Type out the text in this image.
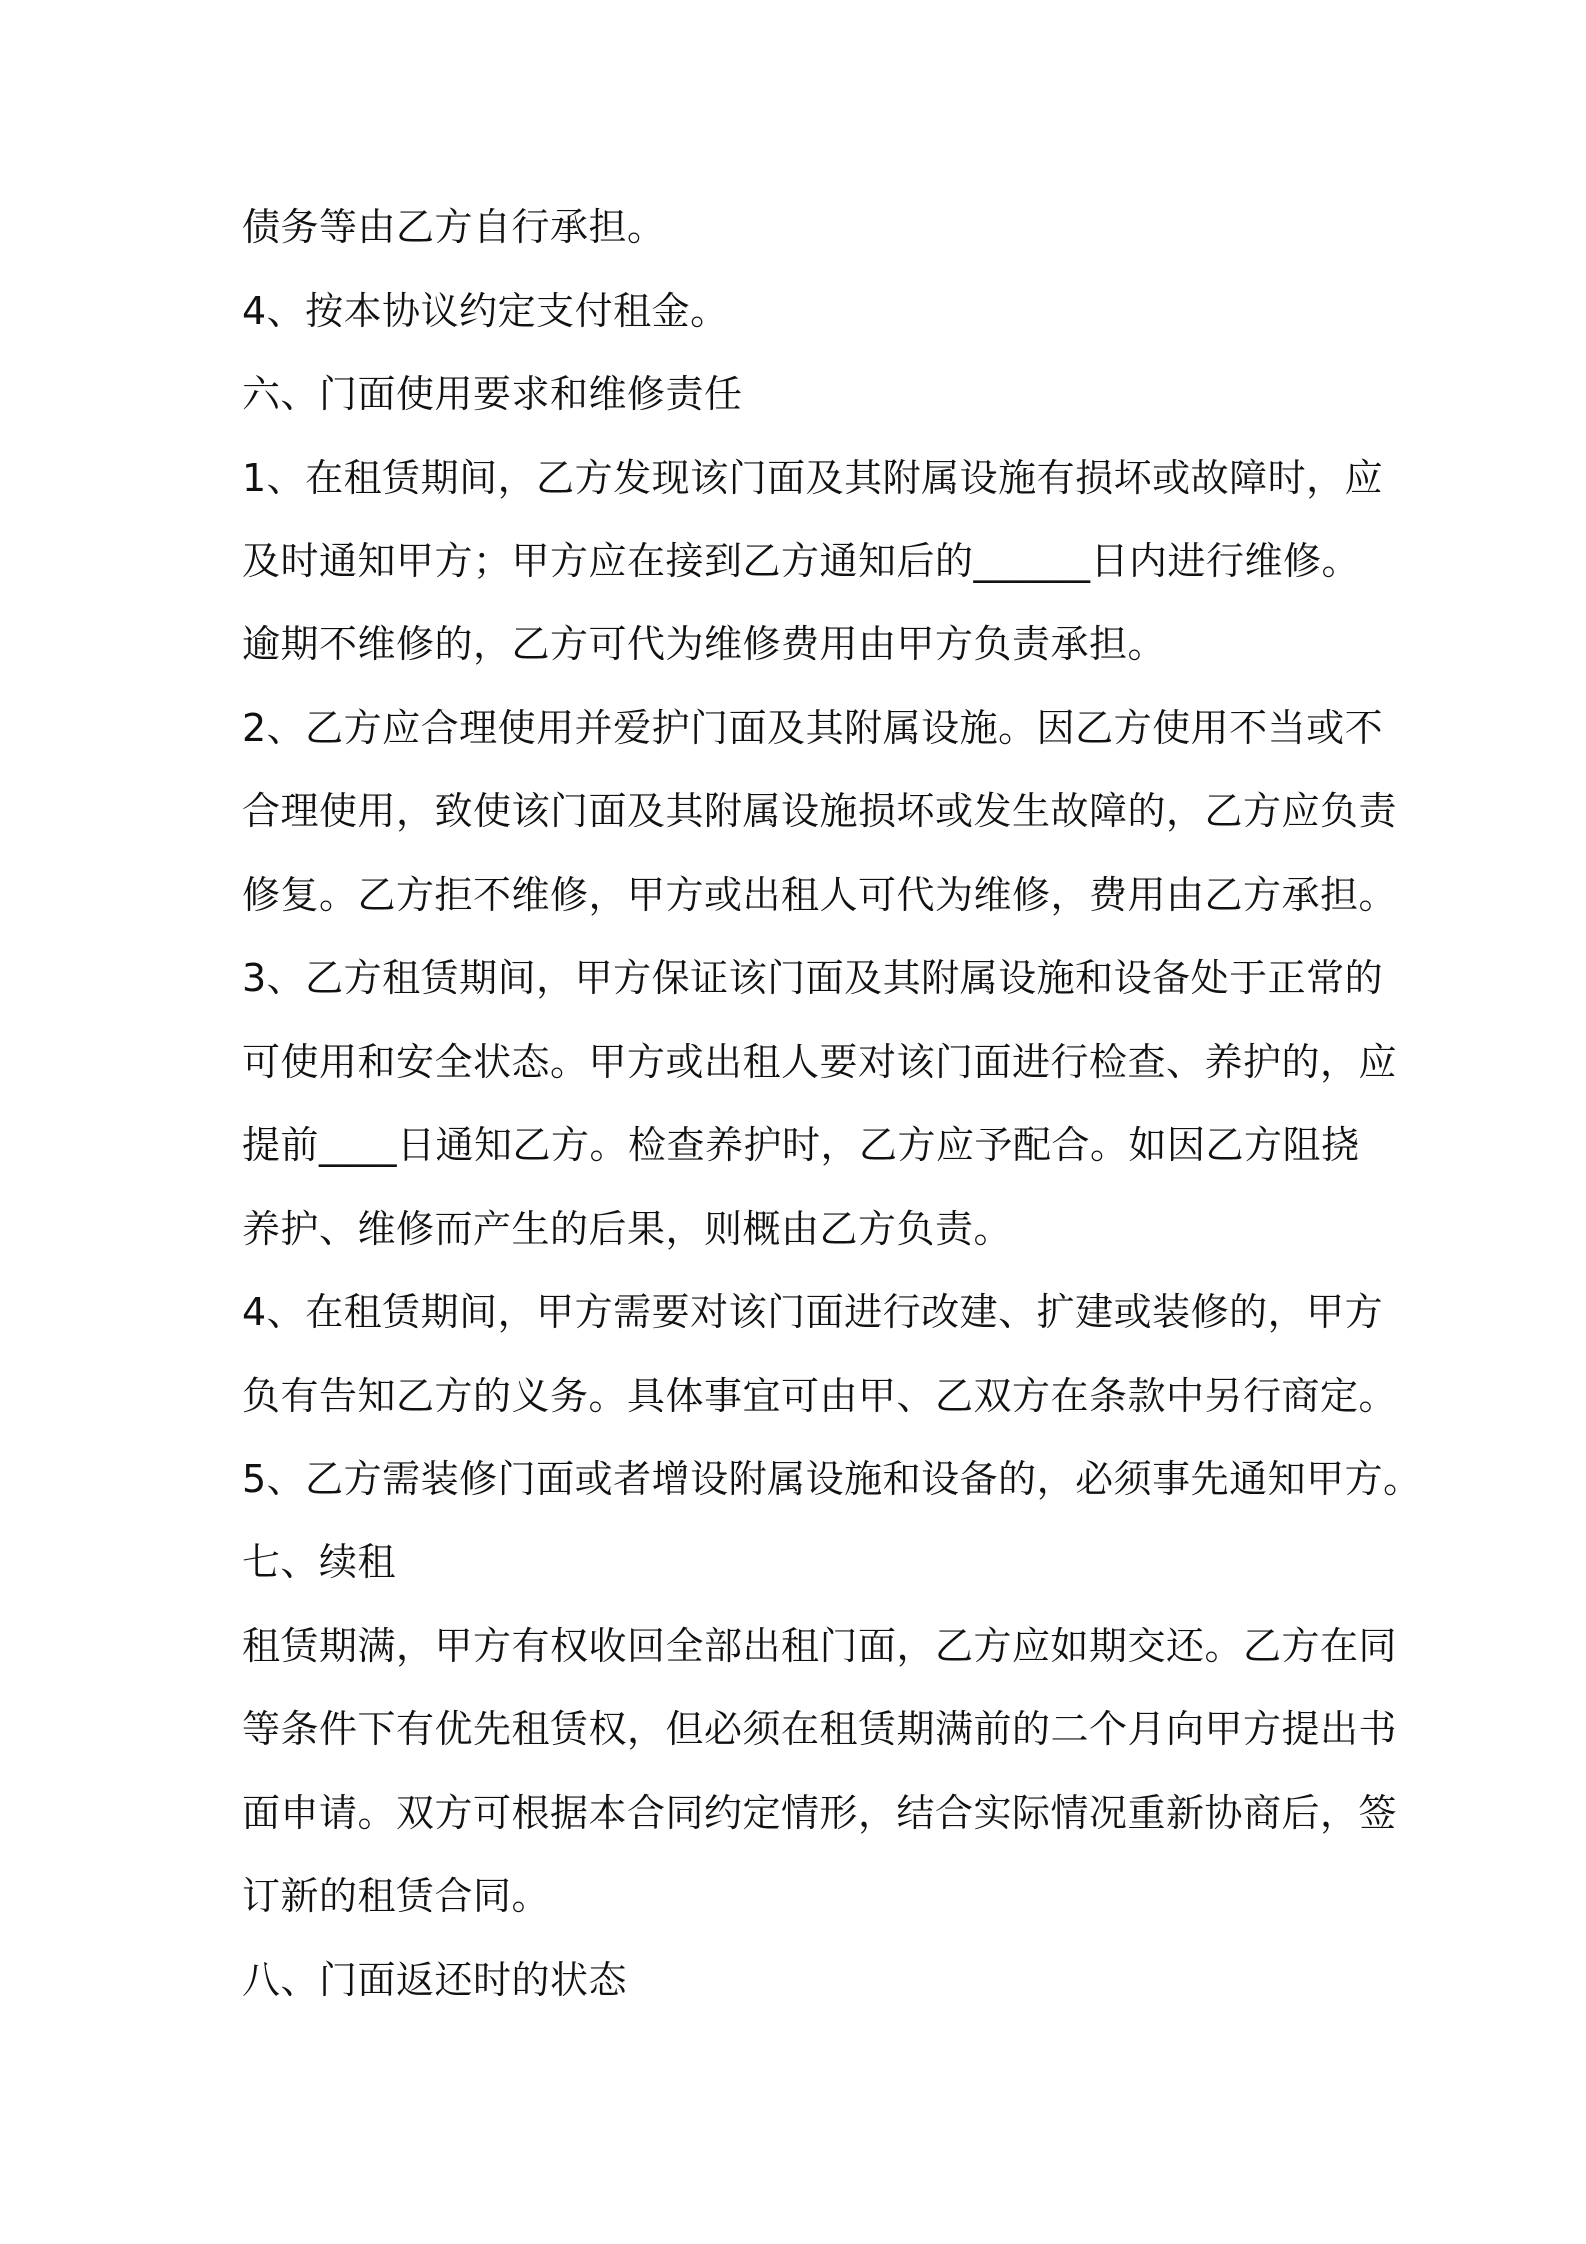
债务等由乙方自行承担。

4、按本协议约定支付租金。

六、门面使用要求和维修责任

1、在租赁期间，乙方发现该门面及其附属设施有损坏或故障时，应

及时通知甲方；甲方应在接到乙方通知后的______日内进行维修。

逾期不维修的，乙方可代为维修费用由甲方负责承担。

2、乙方应合理使用并爱护门面及其附属设施。因乙方使用不当或不

合理使用，致使该门面及其附属设施损坏或发生故障的，乙方应负责

修复。乙方拒不维修，甲方或出租人可代为维修，费用由乙方承担。

3、乙方租赁期间，甲方保证该门面及其附属设施和设备处于正常的

可使用和安全状态。甲方或出租人要对该门面进行检查、养护的，应

提前____日通知乙方。检查养护时，乙方应予配合。如因乙方阻挠

养护、维修而产生的后果，则概由乙方负责。

4、在租赁期间，甲方需要对该门面进行改建、扩建或装修的，甲方

负有告知乙方的义务。具体事宜可由甲、乙双方在条款中另行商定。

5、乙方需装修门面或者增设附属设施和设备的，必须事先通知甲方。

七、续租

租赁期满，甲方有权收回全部出租门面，乙方应如期交还。乙方在同

等条件下有优先租赁权，但必须在租赁期满前的二个月向甲方提出书

面申请。双方可根据本合同约定情形，结合实际情况重新协商后，签

订新的租赁合同。

八、门面返还时的状态
